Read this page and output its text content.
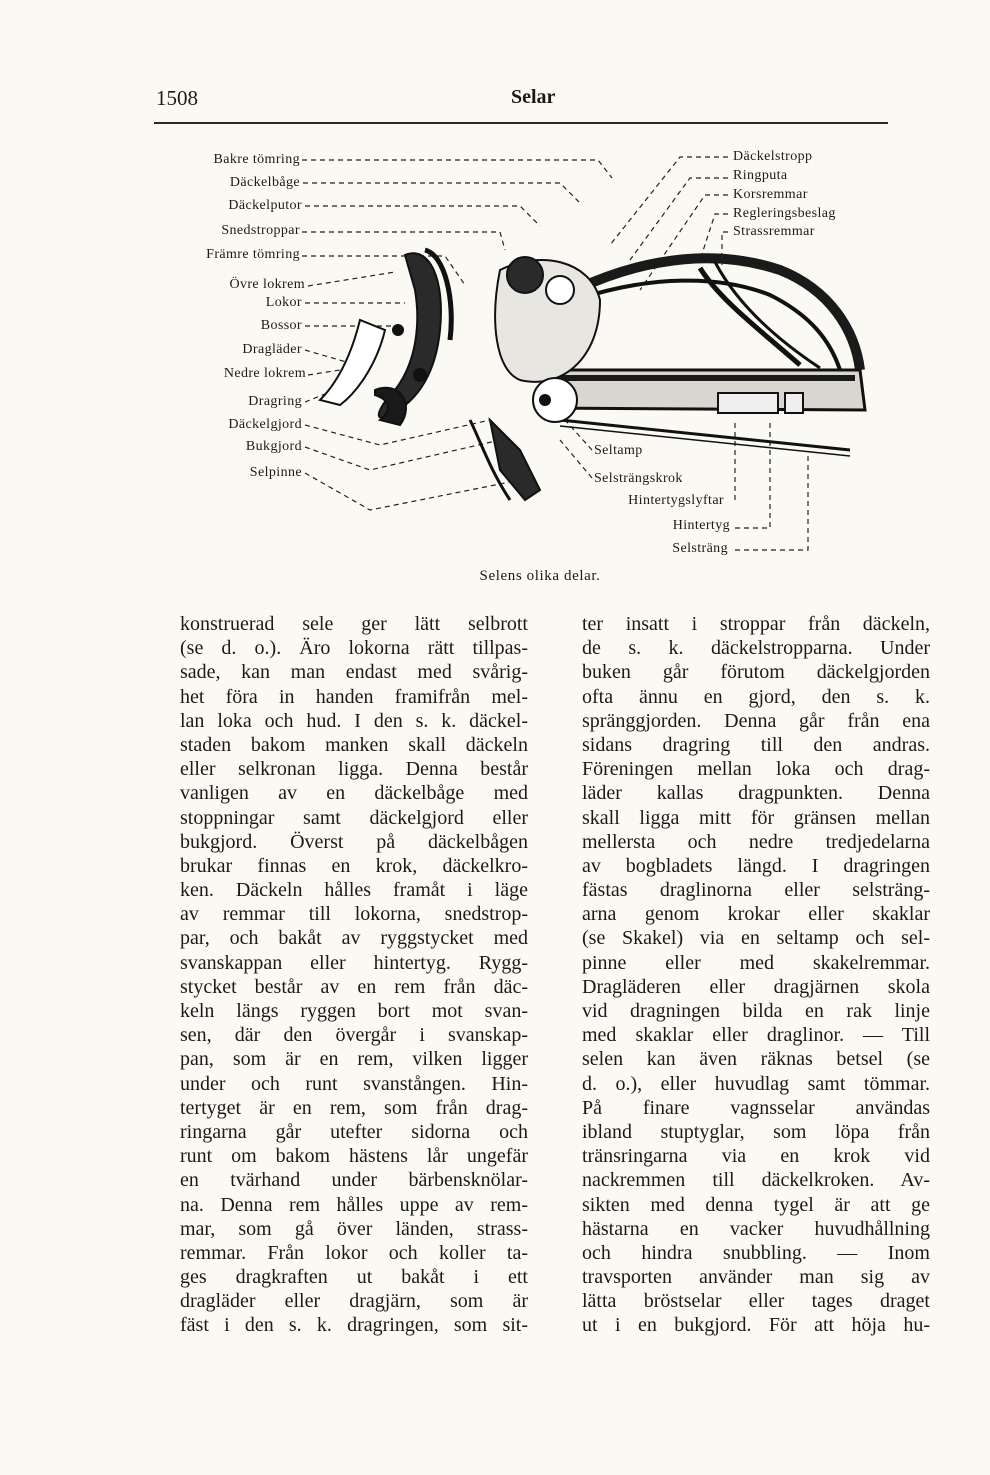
1508	Selar
Bakre tömring
Däckelbåge
Däckelputor
Snedstroppar
Främre tömring
Övre lokrem
Lokor
Bossor
Dragläder
Nedre lokrem
Dragring
Däckelgjord
Bukgjord
Selpinne
Däckelstropp
Ringputa
Korsremmar
Regleringsbeslag
Strassremmar
Seltamp
Selsträngskrok
Hintertygslyftar
Hintertyg
Selsträng
Selens olika delar.
konstruerad sele ger lätt selbrott
(se d. o.). Äro lokorna rätt tillpas-
sade, kan man endast med svårig-
het föra in handen framifrån mel-
lan loka och hud. I den s. k. däckel-
staden bakom manken skall däckeln
eller selkronan ligga. Denna består
vanligen av en däckelbåge med
stoppningar samt däckelgjord eller
bukgjord. Överst på däckelbågen
brukar finnas en krok, däckelkro-
ken. Däckeln hålles framåt i läge
av remmar till lokorna, snedstrop-
par, och bakåt av ryggstycket med
svanskappan eller hintertyg. Rygg-
stycket består av en rem från däc-
keln längs ryggen bort mot svan-
sen, där den övergår i svanskap-
pan, som är en rem, vilken ligger
under och runt svanstången. Hin-
tertyget är en rem, som från drag-
ringarna går utefter sidorna och
runt om bakom hästens lår ungefär
en tvärhand under bärbensknölar-
na. Denna rem hålles uppe av rem-
mar, som gå över länden, strass-
remmar. Från lokor och koller ta-
ges dragkraften ut bakåt i ett
dragläder eller dragjärn, som är
fäst i den s. k. dragringen, som sit-
ter insatt i stroppar från däckeln,
de s. k. däckelstropparna. Under
buken går förutom däckelgjorden
ofta ännu en gjord, den s. k.
spränggjorden. Denna går från ena
sidans dragring till den andras.
Föreningen mellan loka och drag-
läder kallas dragpunkten. Denna
skall ligga mitt för gränsen mellan
mellersta och nedre tredjedelarna
av bogbladets längd. I dragringen
fästas draglinorna eller selsträng-
arna genom krokar eller skaklar
(se Skakel) via en seltamp och sel-
pinne eller med skakelremmar.
Dragläderen eller dragjärnen skola
vid dragningen bilda en rak linje
med skaklar eller draglinor. — Till
selen kan även räknas betsel (se
d. o.), eller huvudlag samt tömmar.
På finare vagnsselar användas
ibland stuptyglar, som löpa från
tränsringarna via en krok vid
nackremmen till däckelkroken. Av-
sikten med denna tygel är att ge
hästarna en vacker huvudhållning
och hindra snubbling. — Inom
travsporten använder man sig av
lätta bröstselar eller tages draget
ut i en bukgjord. För att höja hu-
